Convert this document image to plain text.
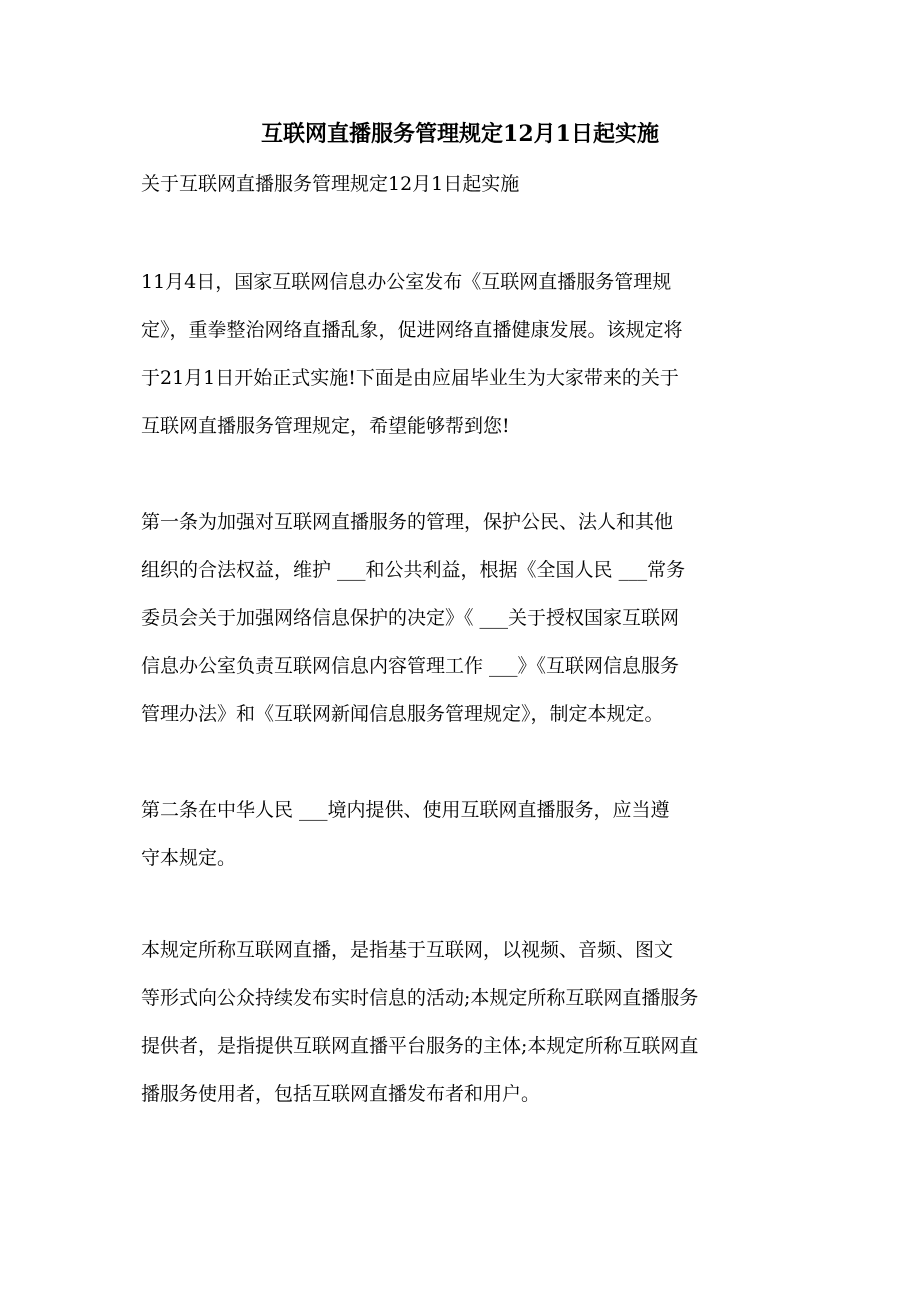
互联网直播服务管理规定12月1日起实施

关于互联网直播服务管理规定12月1日起实施

11月4日，国家互联网信息办公室发布《互联网直播服务管理规
定》，重拳整治网络直播乱象，促进网络直播健康发展。该规定将
于21月1日开始正式实施!下面是由应届毕业生为大家带来的关于
互联网直播服务管理规定，希望能够帮到您!

第一条为加强对互联网直播服务的管理，保护公民、法人和其他
组织的合法权益，维护 ___和公共利益，根据《全国人民 ___常务
委员会关于加强网络信息保护的决定》《 ___关于授权国家互联网
信息办公室负责互联网信息内容管理工作 ___》《互联网信息服务
管理办法》和《互联网新闻信息服务管理规定》，制定本规定。

第二条在中华人民 ___境内提供、使用互联网直播服务，应当遵
守本规定。

本规定所称互联网直播，是指基于互联网，以视频、音频、图文
等形式向公众持续发布实时信息的活动;本规定所称互联网直播服务
提供者，是指提供互联网直播平台服务的主体;本规定所称互联网直
播服务使用者，包括互联网直播发布者和用户。
